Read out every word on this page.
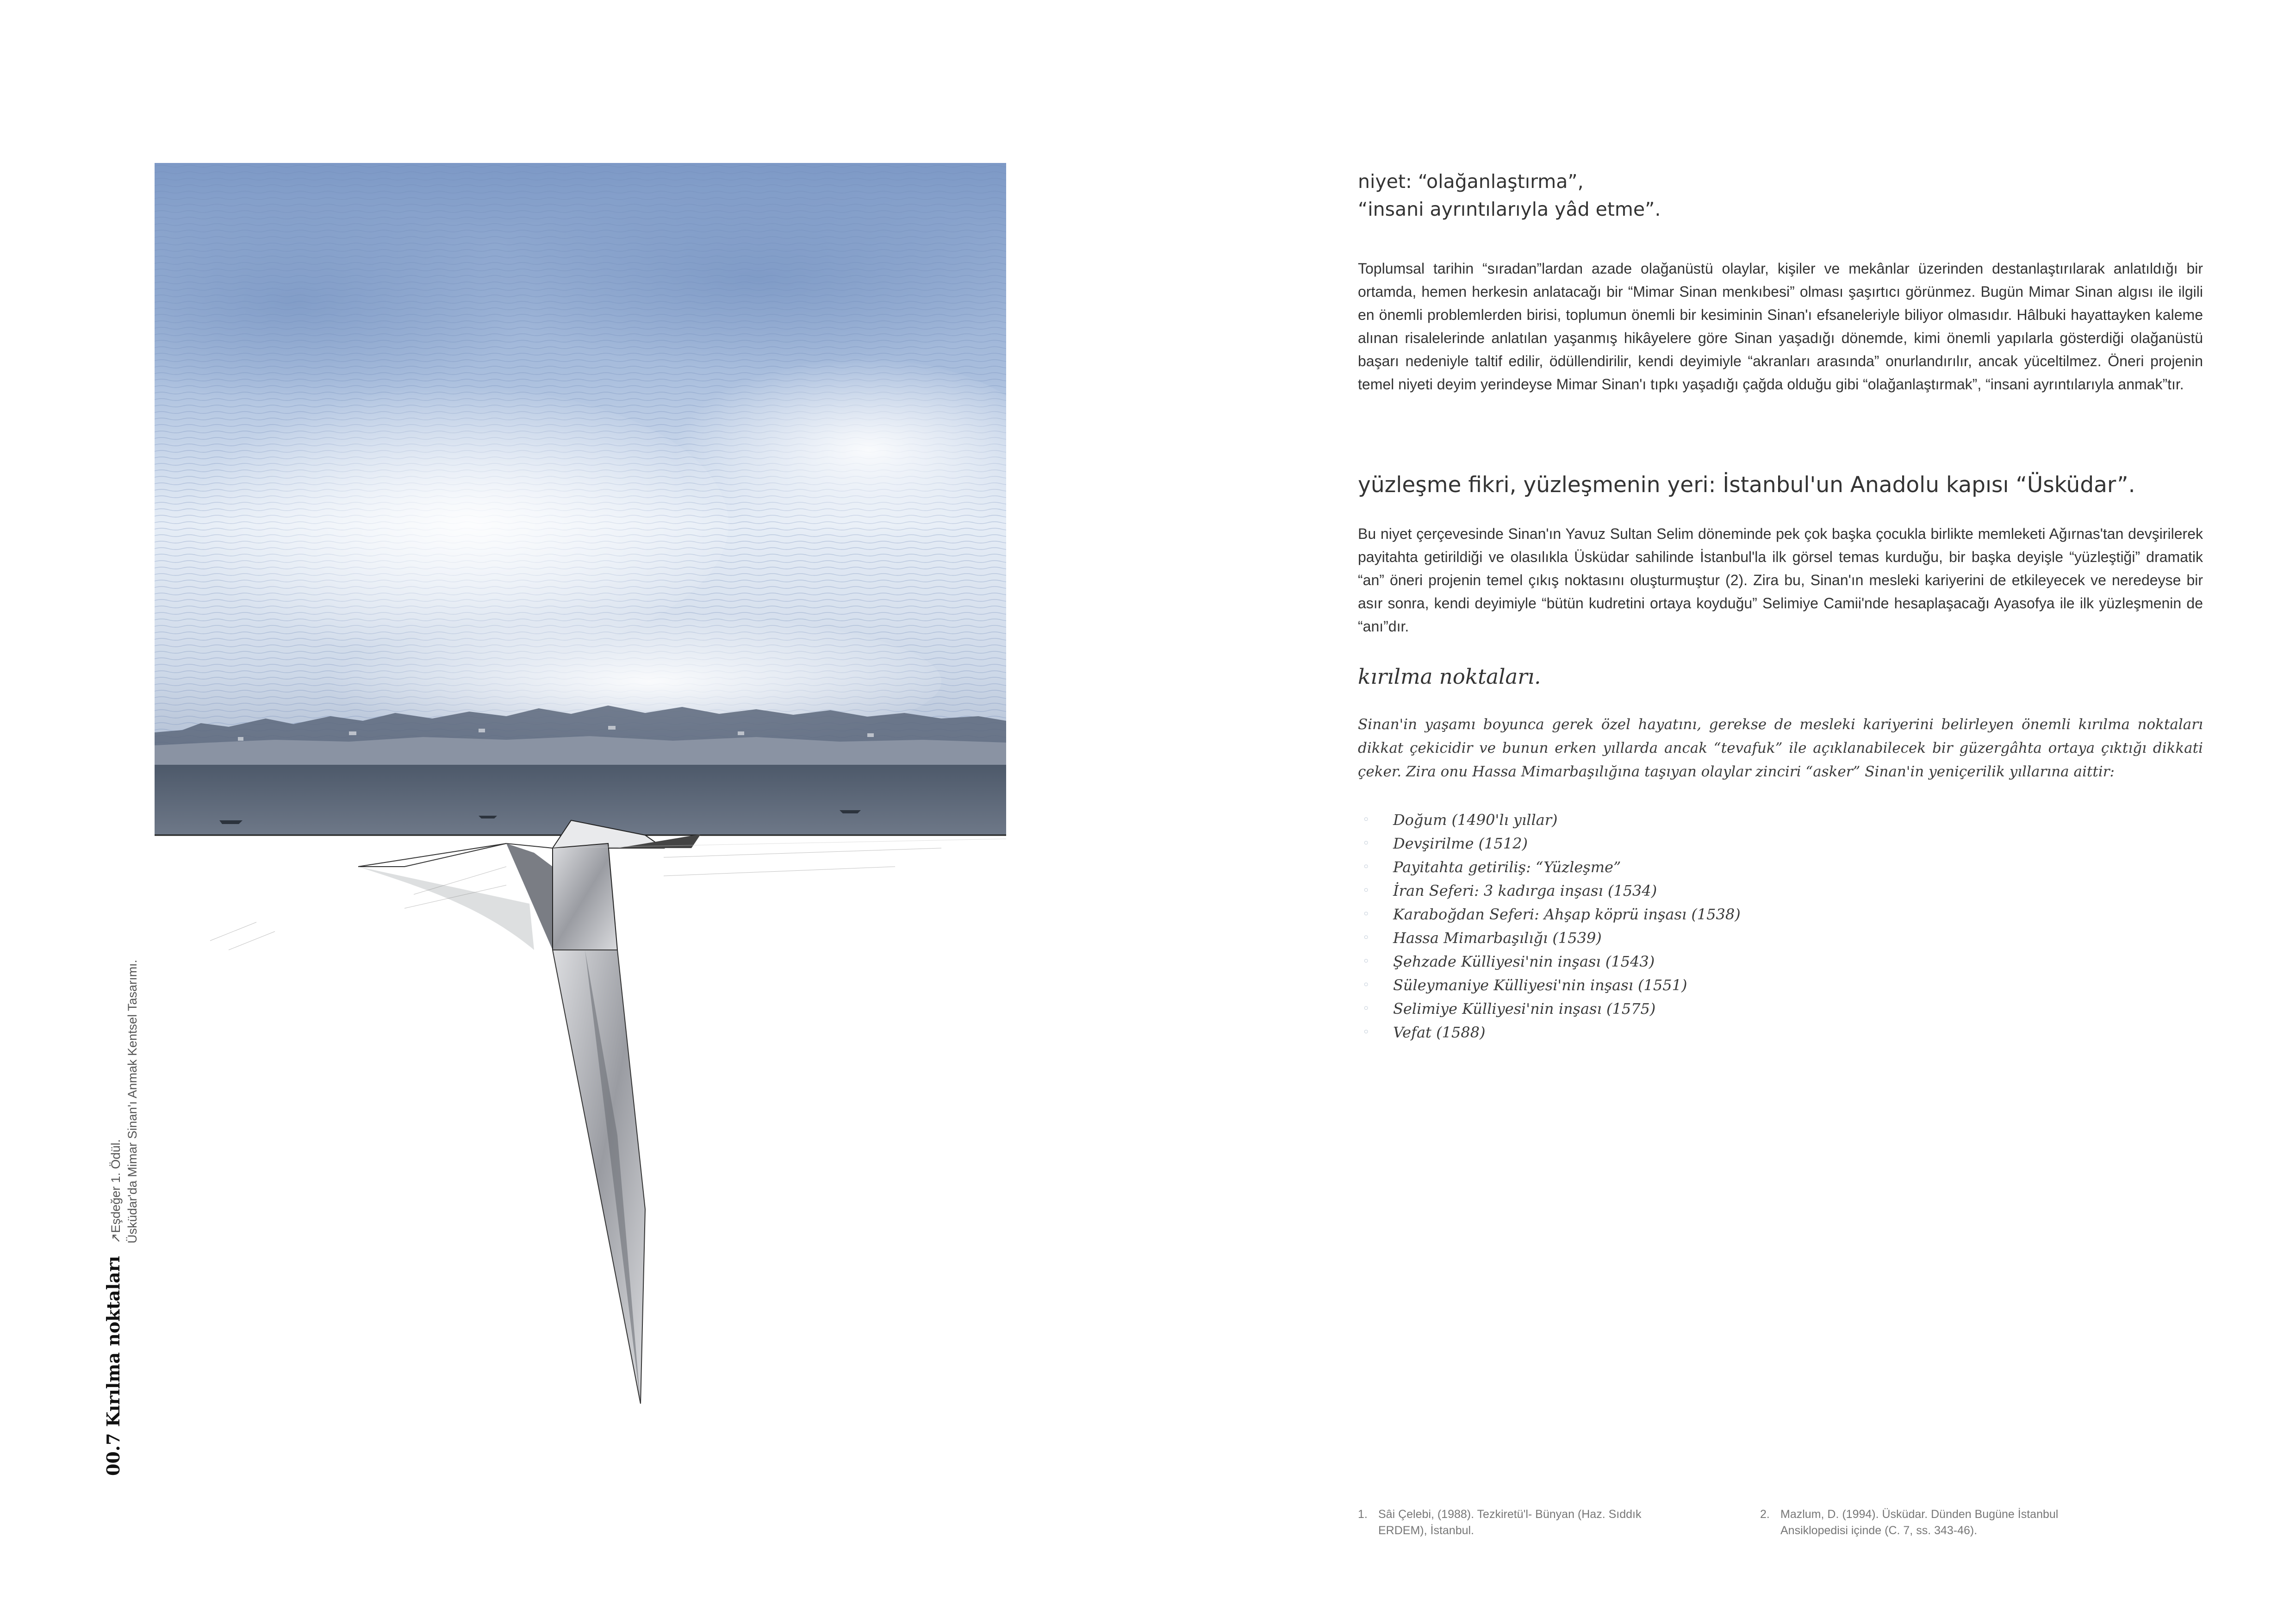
00.7 Kırılma noktaları
↗Eşdeğer 1. Ödül. Üsküdar'da Mimar Sinan'ı Anmak Kentsel Tasarımı.
niyet: “olağanlaştırma”,
“insani ayrıntılarıyla yâd etme”.
Toplumsal tarihin “sıradan”lardan azade olağanüstü olaylar, kişiler ve mekânlar üzerinden destanlaştırılarak anlatıldığı bir ortamda, hemen herkesin anlatacağı bir “Mimar Sinan menkıbesi” olması şaşırtıcı görünmez. Bugün Mimar Sinan algısı ile ilgili en önemli problemlerden birisi, toplumun önemli bir kesiminin Sinan'ı efsaneleriyle biliyor olmasıdır. Hâlbuki hayattayken kaleme alınan risalelerinde anlatılan yaşanmış hikâyelere göre Sinan yaşadığı dönemde, kimi önemli yapılarla gösterdiği olağanüstü başarı nedeniyle taltif edilir, ödüllendirilir, kendi deyimiyle “akranları arasında” onurlandırılır, ancak yüceltilmez. Öneri projenin temel niyeti deyim yerindeyse Mimar Sinan'ı tıpkı yaşadığı çağda olduğu gibi “olağanlaştırmak”, “insani ayrıntılarıyla anmak”tır.
yüzleşme fikri, yüzleşmenin yeri: İstanbul'un Anadolu kapısı “Üsküdar”.
Bu niyet çerçevesinde Sinan'ın Yavuz Sultan Selim döneminde pek çok başka çocukla birlikte memleketi Ağırnas'tan devşirilerek payitahta getirildiği ve olasılıkla Üsküdar sahilinde İstanbul'la ilk görsel temas kurduğu, bir başka deyişle “yüzleştiği” dramatik “an” öneri projenin temel çıkış noktasını oluşturmuştur (2). Zira bu, Sinan'ın mesleki kariyerini de etkileyecek ve neredeyse bir asır sonra, kendi deyimiyle “bütün kudretini ortaya koyduğu” Selimiye Camii'nde hesaplaşacağı Ayasofya ile ilk yüzleşmenin de “anı”dır.
kırılma noktaları.
Sinan'in yaşamı boyunca gerek özel hayatını, gerekse de mesleki kariyerini belirleyen önemli kırılma noktaları dikkat çekicidir ve bunun erken yıllarda ancak “tevafuk” ile açıklanabilecek bir güzergâhta ortaya çıktığı dikkati çeker. Zira onu Hassa Mimarbaşılığına taşıyan olaylar zinciri “asker” Sinan'in yeniçerilik yıllarına aittir:
◦ Doğum (1490'lı yıllar)
◦ Devşirilme (1512)
◦ Payitahta getiriliş: “Yüzleşme”
◦ İran Seferi: 3 kadırga inşası (1534)
◦ Karaboğdan Seferi: Ahşap köprü inşası (1538)
◦ Hassa Mimarbaşılığı (1539)
◦ Şehzade Külliyesi'nin inşası (1543)
◦ Süleymaniye Külliyesi'nin inşası (1551)
◦ Selimiye Külliyesi'nin inşası (1575)
◦ Vefat (1588)
1. Sâi Çelebi, (1988). Tezkiretü'l- Bünyan (Haz. Sıddık ERDEM), İstanbul.
2. Mazlum, D. (1994). Üsküdar. Dünden Bugüne İstanbul Ansiklopedisi içinde (C. 7, ss. 343-46).
